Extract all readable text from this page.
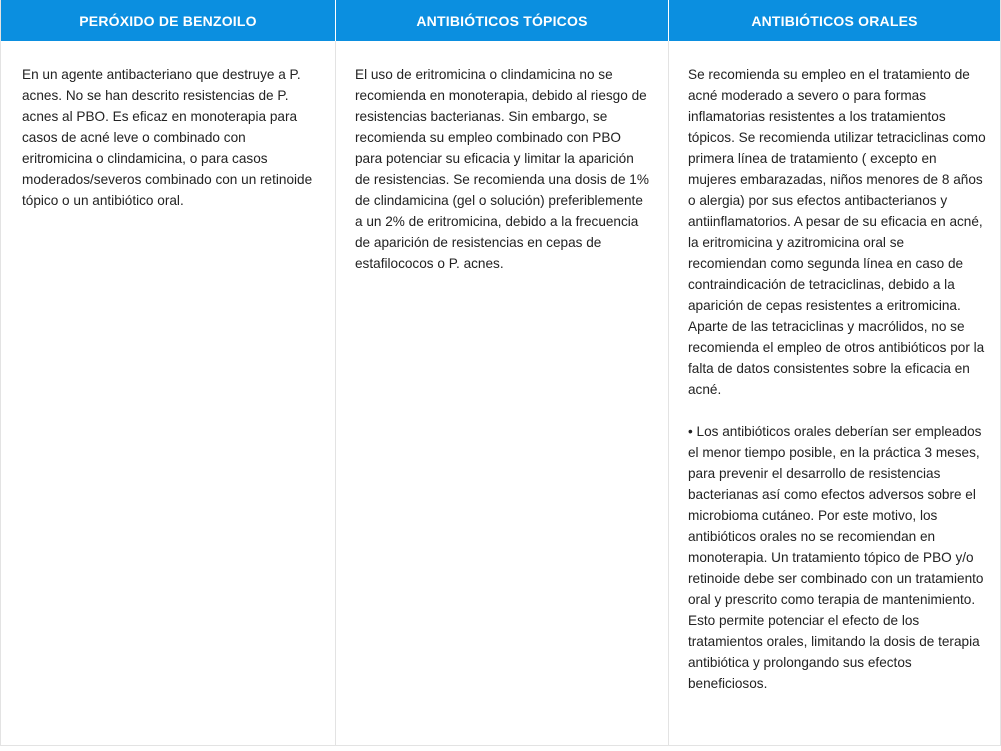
PERÓXIDO DE BENZOILO	ANTIBIÓTICOS TÓPICOS	ANTIBIÓTICOS ORALES

En un agente antibacteriano que destruye a P. acnes. No se han descrito resistencias de P. acnes al PBO. Es eficaz en monoterapia para casos de acné leve o combinado con eritromicina o clindamicina, o para casos moderados/severos combinado con un retinoide tópico o un antibiótico oral.

El uso de eritromicina o clindamicina no se recomienda en monoterapia, debido al riesgo de resistencias bacterianas. Sin embargo, se recomienda su empleo combinado con PBO para potenciar su eficacia y limitar la aparición de resistencias. Se recomienda una dosis de 1% de clindamicina (gel o solución) preferiblemente a un 2% de eritromicina, debido a la frecuencia de aparición de resistencias en cepas de estafilococos o P. acnes.

Se recomienda su empleo en el tratamiento de acné moderado a severo o para formas inflamatorias resistentes a los tratamientos tópicos. Se recomienda utilizar tetraciclinas como primera línea de tratamiento ( excepto en mujeres embarazadas, niños menores de 8 años o alergia) por sus efectos antibacterianos y antiinflamatorios. A pesar de su eficacia en acné, la eritromicina y azitromicina oral se recomiendan como segunda línea en caso de contraindicación de tetraciclinas, debido a la aparición de cepas resistentes a eritromicina. Aparte de las tetraciclinas y macrólidos, no se recomienda el empleo de otros antibióticos por la falta de datos consistentes sobre la eficacia en acné.

• Los antibióticos orales deberían ser empleados el menor tiempo posible, en la práctica 3 meses, para prevenir el desarrollo de resistencias bacterianas así como efectos adversos sobre el microbioma cutáneo. Por este motivo, los antibióticos orales no se recomiendan en monoterapia. Un tratamiento tópico de PBO y/o retinoide debe ser combinado con un tratamiento oral y prescrito como terapia de mantenimiento. Esto permite potenciar el efecto de los tratamientos orales, limitando la dosis de terapia antibiótica y prolongando sus efectos beneficiosos.
